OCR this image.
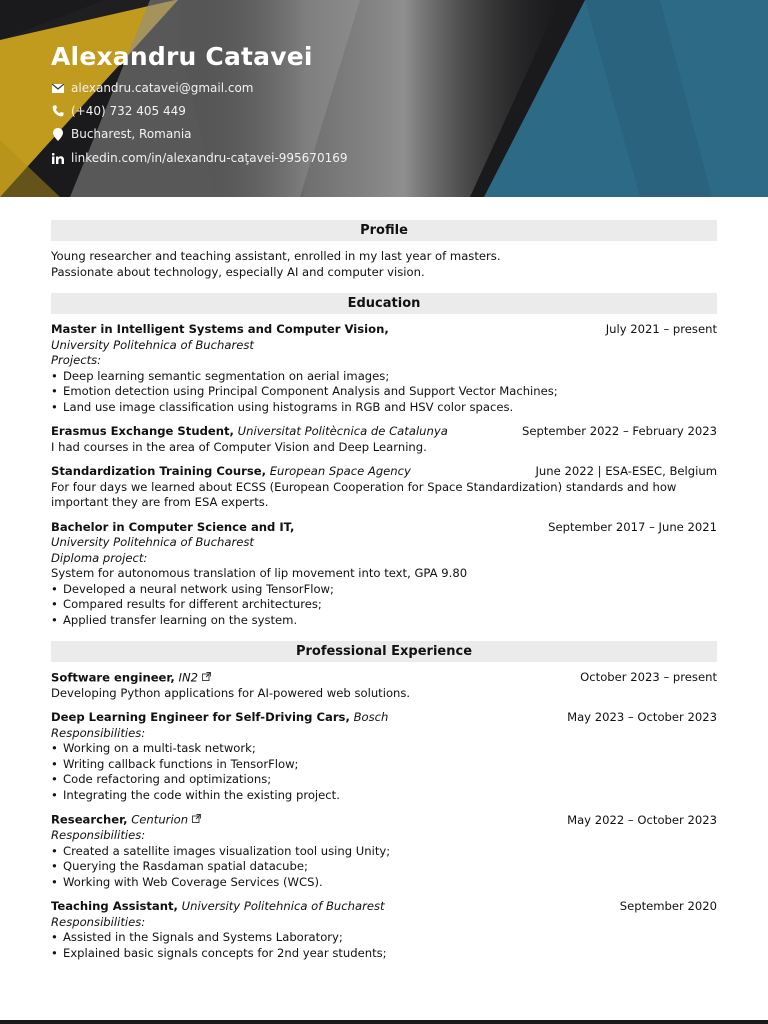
Alexandru Catavei
alexandru.catavei@gmail.com
(+40) 732 405 449
Bucharest, Romania
linkedin.com/in/alexandru-caţavei-995670169
Profile
Young researcher and teaching assistant, enrolled in my last year of masters.
Passionate about technology, especially AI and computer vision.
Education
Master in Intelligent Systems and Computer Vision,	July 2021 – present
University Politehnica of Bucharest
Projects:
• Deep learning semantic segmentation on aerial images;
• Emotion detection using Principal Component Analysis and Support Vector Machines;
• Land use image classification using histograms in RGB and HSV color spaces.
Erasmus Exchange Student, Universitat Politècnica de Catalunya	September 2022 – February 2023
I had courses in the area of Computer Vision and Deep Learning.
Standardization Training Course, European Space Agency	June 2022 | ESA-ESEC, Belgium
For four days we learned about ECSS (European Cooperation for Space Standardization) standards and how important they are from ESA experts.
Bachelor in Computer Science and IT,	September 2017 – June 2021
University Politehnica of Bucharest
Diploma project:
System for autonomous translation of lip movement into text, GPA 9.80
• Developed a neural network using TensorFlow;
• Compared results for different architectures;
• Applied transfer learning on the system.
Professional Experience
Software engineer, IN2	October 2023 – present
Developing Python applications for AI-powered web solutions.
Deep Learning Engineer for Self-Driving Cars, Bosch	May 2023 – October 2023
Responsibilities:
• Working on a multi-task network;
• Writing callback functions in TensorFlow;
• Code refactoring and optimizations;
• Integrating the code within the existing project.
Researcher, Centurion	May 2022 – October 2023
Responsibilities:
• Created a satellite images visualization tool using Unity;
• Querying the Rasdaman spatial datacube;
• Working with Web Coverage Services (WCS).
Teaching Assistant, University Politehnica of Bucharest	September 2020
Responsibilities:
• Assisted in the Signals and Systems Laboratory;
• Explained basic signals concepts for 2nd year students;
